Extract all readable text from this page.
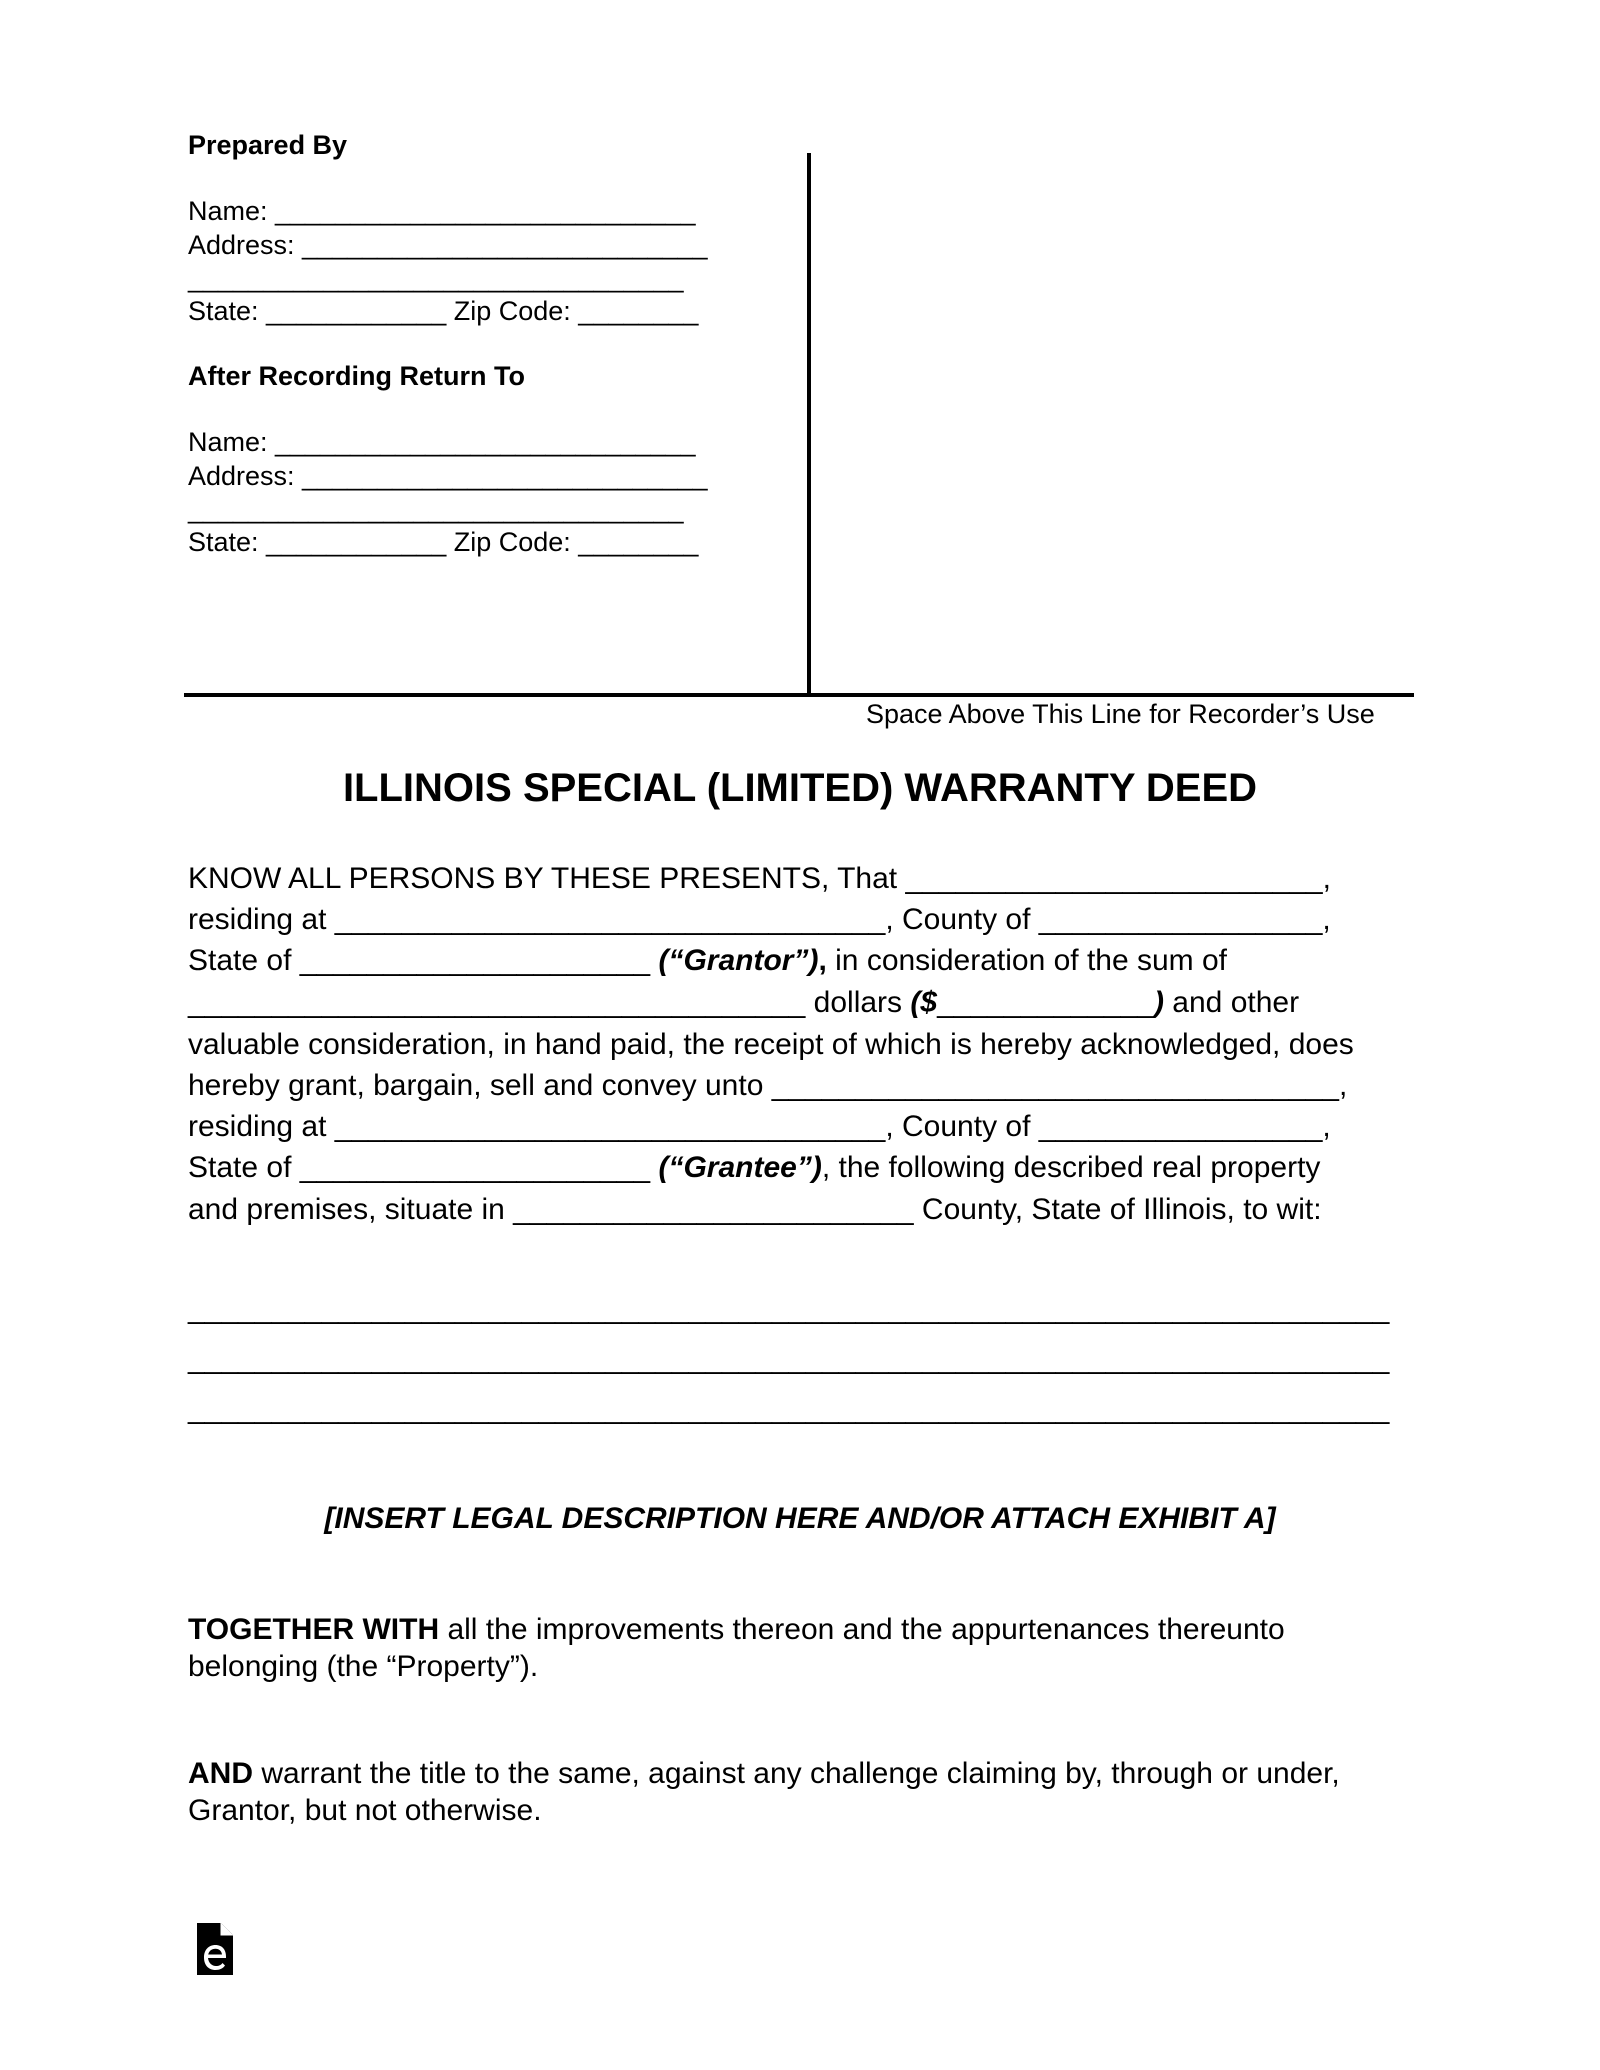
Prepared By
Name: ____________________________
Address: ___________________________
_________________________________
State: ____________ Zip Code: ________
After Recording Return To
Name: ____________________________
Address: ___________________________
_________________________________
State: ____________ Zip Code: ________
Space Above This Line for Recorder’s Use
ILLINOIS SPECIAL (LIMITED) WARRANTY DEED
KNOW ALL PERSONS BY THESE PRESENTS, That _________________________,
residing at _________________________________, County of _________________,
State of _____________________ (“Grantor”), in consideration of the sum of
_____________________________________ dollars ($_____________) and other
valuable consideration, in hand paid, the receipt of which is hereby acknowledged, does
hereby grant, bargain, sell and convey unto __________________________________,
residing at _________________________________, County of _________________,
State of _____________________ (“Grantee”), the following described real property
and premises, situate in ________________________ County, State of Illinois, to wit:
________________________________________________________________________
________________________________________________________________________
________________________________________________________________________
[INSERT LEGAL DESCRIPTION HERE AND/OR ATTACH EXHIBIT A]
TOGETHER WITH all the improvements thereon and the appurtenances thereunto
belonging (the “Property”).
AND warrant the title to the same, against any challenge claiming by, through or under,
Grantor, but not otherwise.
